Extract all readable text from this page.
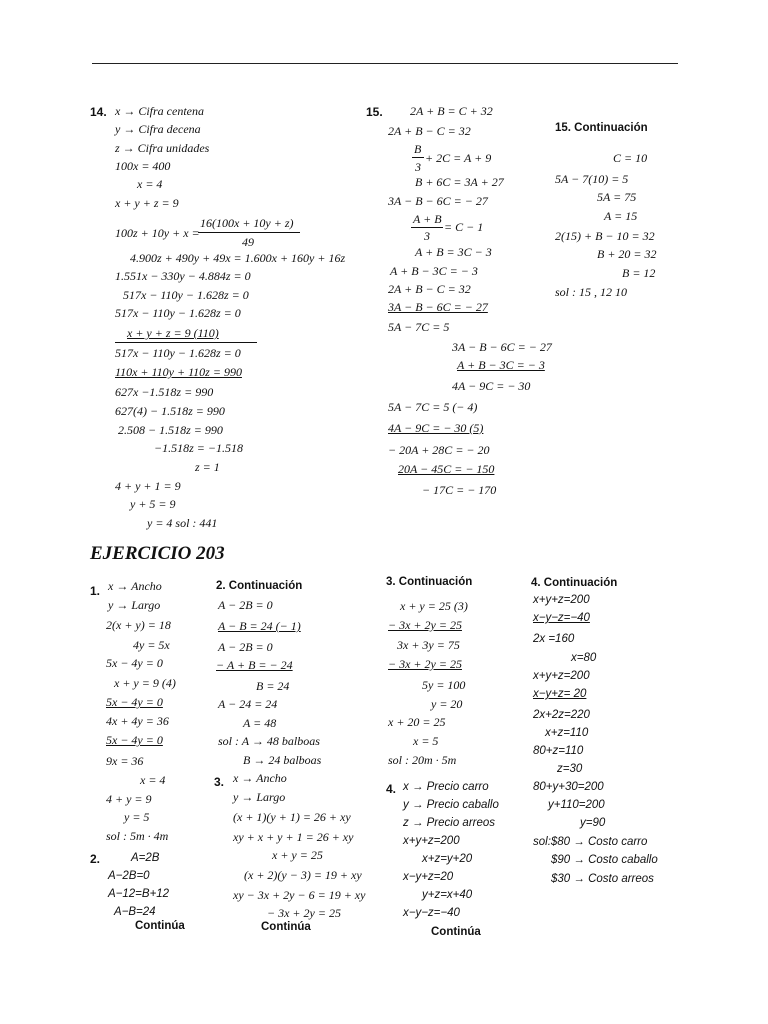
14. x → Cifra centena
y → Cifra decena
z → Cifra unidades
100x = 400
x = 4
x + y + z = 9
16(100x + 10y + z)
100z + 10y + x =
49
4.900z + 490y + 49x = 1.600x + 160y + 16z
1.551x − 330y − 4.884z = 0
517x − 110y − 1.628z = 0
517x − 110y − 1.628z = 0
x + y + z = 9 (110)
517x − 110y − 1.628z = 0
110x + 110y + 110z = 990
627x −1.518z = 990
627(4) − 1.518z = 990
2.508 − 1.518z = 990
−1.518z = −1.518
z = 1
4 + y + 1 = 9
y + 5 = 9
y = 4 sol : 441
15. 2A + B = C + 32
2A + B − C = 32
B
+ 2C = A + 9
3
B + 6C = 3A + 27
3A − B − 6C = − 27
A + B
= C − 1
3
A + B = 3C − 3
A + B − 3C = − 3
2A + B − C = 32
3A − B − 6C = − 27
5A − 7C = 5
3A − B − 6C = − 27
A + B − 3C = − 3
4A − 9C = − 30
5A − 7C = 5 (− 4)
4A − 9C = − 30 (5)
− 20A + 28C = − 20
20A − 45C = − 150
− 17C = − 170
15. Continuación
C = 10
5A − 7(10) = 5
5A = 75
A = 15
2(15) + B − 10 = 32
B + 20 = 32
B = 12
sol : 15 , 12 10
EJERCICIO 203
1. x → Ancho
y → Largo
2(x + y) = 18
4y = 5x
5x − 4y = 0
x + y = 9 (4)
5x − 4y = 0
4x + 4y = 36
5x − 4y = 0
9x = 36
x = 4
4 + y = 9
y = 5
sol : 5m · 4m
2.	A=2B
A−2B=0
A−12=B+12
A−B=24
Continúa
2. Continuación
A − 2B = 0
A − B = 24 (− 1)
A − 2B = 0
− A + B = − 24
B = 24
A − 24 = 24
A = 48
sol : A → 48 balboas
B → 24 balboas
3. x → Ancho
y → Largo
(x + 1)(y + 1) = 26 + xy
xy + x + y + 1 = 26 + xy
x + y = 25
(x + 2)(y − 3) = 19 + xy
xy − 3x + 2y − 6 = 19 + xy
− 3x + 2y = 25
Continúa
3. Continuación
x + y = 25 (3)
− 3x + 2y = 25
3x + 3y = 75
− 3x + 2y = 25
5y = 100
y = 20
x + 20 = 25
x = 5
sol : 20m · 5m
4. x → Precio carro
y → Precio caballo
z → Precio arreos
x+y+z=200
x+z=y+20
x−y+z=20
y+z=x+40
x−y−z=−40
Continúa
4. Continuación
x+y+z=200
x−y−z=−40
2x =160
x=80
x+y+z=200
x−y+z= 20
2x+2z=220
x+z=110
80+z=110
z=30
80+y+30=200
y+110=200
y=90
sol:$80 → Costo carro
$90 → Costo caballo
$30 → Costo arreos
